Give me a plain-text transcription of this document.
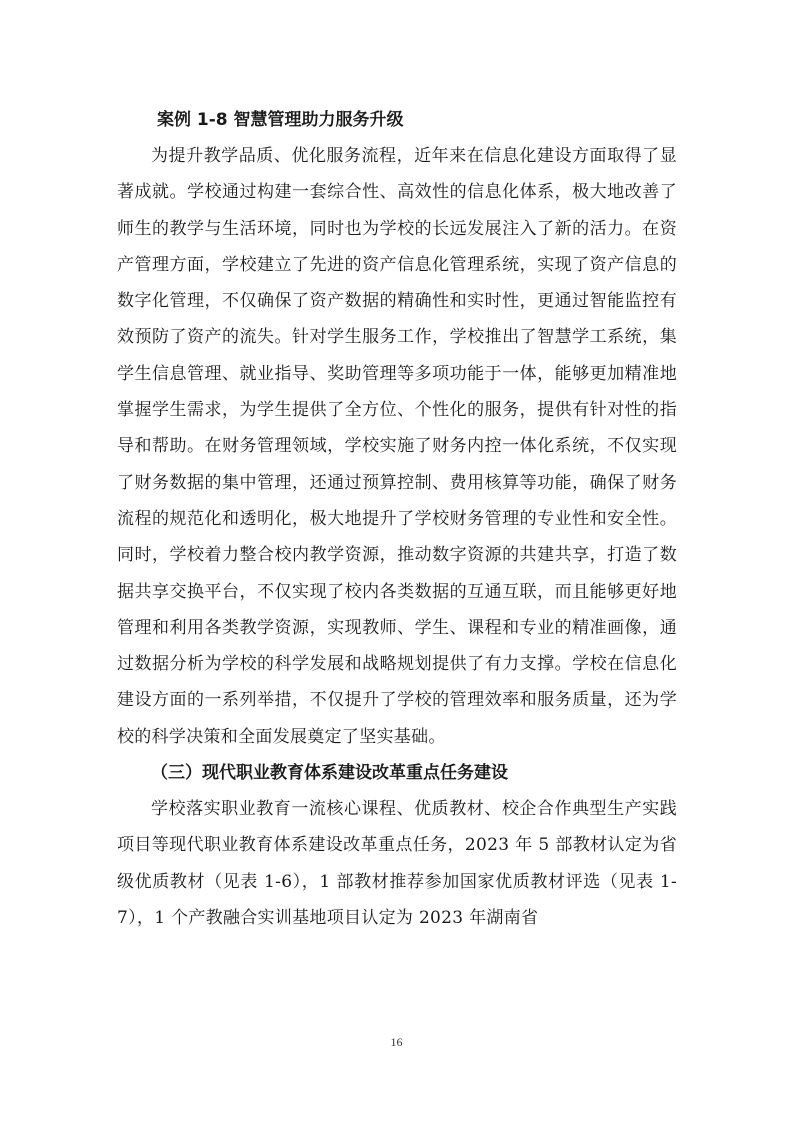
案例 1-8 智慧管理助力服务升级

为提升教学品质、优化服务流程，近年来在信息化建设方面取得了显著成就。学校通过构建一套综合性、高效性的信息化体系，极大地改善了师生的教学与生活环境，同时也为学校的长远发展注入了新的活力。在资产管理方面，学校建立了先进的资产信息化管理系统，实现了资产信息的数字化管理，不仅确保了资产数据的精确性和实时性，更通过智能监控有效预防了资产的流失。针对学生服务工作，学校推出了智慧学工系统，集学生信息管理、就业指导、奖助管理等多项功能于一体，能够更加精准地掌握学生需求，为学生提供了全方位、个性化的服务，提供有针对性的指导和帮助。在财务管理领域，学校实施了财务内控一体化系统，不仅实现了财务数据的集中管理，还通过预算控制、费用核算等功能，确保了财务流程的规范化和透明化，极大地提升了学校财务管理的专业性和安全性。同时，学校着力整合校内教学资源，推动数字资源的共建共享，打造了数据共享交换平台，不仅实现了校内各类数据的互通互联，而且能够更好地管理和利用各类教学资源，实现教师、学生、课程和专业的精准画像，通过数据分析为学校的科学发展和战略规划提供了有力支撑。学校在信息化建设方面的一系列举措，不仅提升了学校的管理效率和服务质量，还为学校的科学决策和全面发展奠定了坚实基础。

（三）现代职业教育体系建设改革重点任务建设

学校落实职业教育一流核心课程、优质教材、校企合作典型生产实践项目等现代职业教育体系建设改革重点任务，2023 年 5 部教材认定为省级优质教材（见表 1-6），1 部教材推荐参加国家优质教材评选（见表 1-7），1 个产教融合实训基地项目认定为 2023 年湖南省

16
